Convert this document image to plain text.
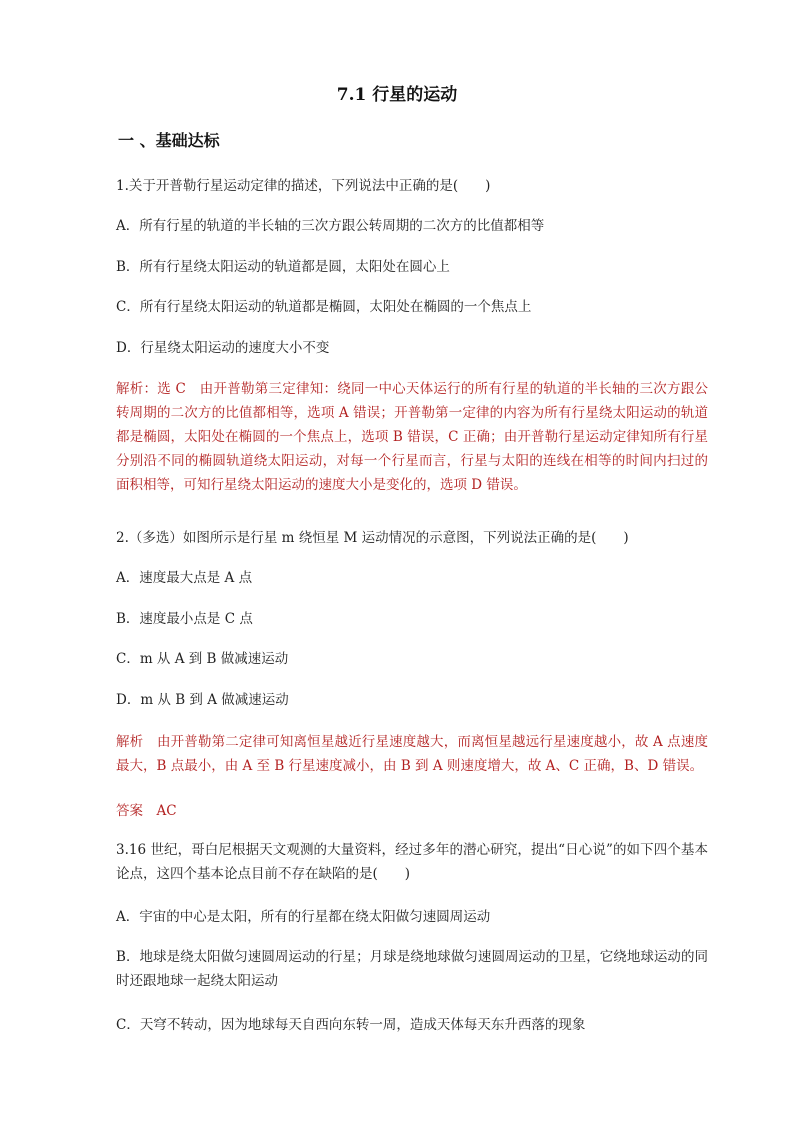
7.1 行星的运动
一 、基础达标
1.关于开普勒行星运动定律的描述，下列说法中正确的是(　　)
A．所有行星的轨道的半长轴的三次方跟公转周期的二次方的比值都相等
B．所有行星绕太阳运动的轨道都是圆，太阳处在圆心上
C．所有行星绕太阳运动的轨道都是椭圆，太阳处在椭圆的一个焦点上
D．行星绕太阳运动的速度大小不变
解析：选 C　由开普勒第三定律知：绕同一中心天体运行的所有行星的轨道的半长轴的三次方跟公转周期的二次方的比值都相等，选项 A 错误；开普勒第一定律的内容为所有行星绕太阳运动的轨道都是椭圆，太阳处在椭圆的一个焦点上，选项 B 错误，C 正确；由开普勒行星运动定律知所有行星分别沿不同的椭圆轨道绕太阳运动，对每一个行星而言，行星与太阳的连线在相等的时间内扫过的面积相等，可知行星绕太阳运动的速度大小是变化的，选项 D 错误。
2.（多选）如图所示是行星 m 绕恒星 M 运动情况的示意图，下列说法正确的是(　　)
A．速度最大点是 A 点
B．速度最小点是 C 点
C．m 从 A 到 B 做减速运动
D．m 从 B 到 A 做减速运动
解析　由开普勒第二定律可知离恒星越近行星速度越大，而离恒星越远行星速度越小，故 A 点速度最大，B 点最小，由 A 至 B 行星速度减小，由 B 到 A 则速度增大，故 A、C 正确，B、D 错误。
答案　AC
3.16 世纪，哥白尼根据天文观测的大量资料，经过多年的潜心研究，提出“日心说”的如下四个基本论点，这四个基本论点目前不存在缺陷的是(　　)
A．宇宙的中心是太阳，所有的行星都在绕太阳做匀速圆周运动
B．地球是绕太阳做匀速圆周运动的行星；月球是绕地球做匀速圆周运动的卫星，它绕地球运动的同时还跟地球一起绕太阳运动
C．天穹不转动，因为地球每天自西向东转一周，造成天体每天东升西落的现象
